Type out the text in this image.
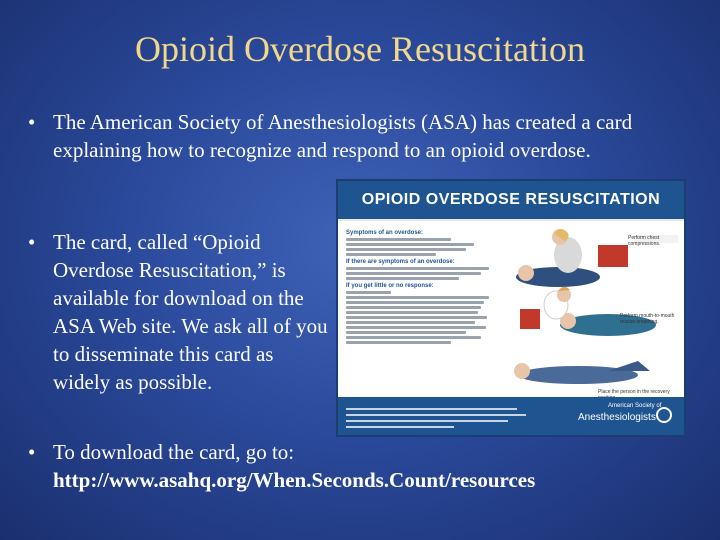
Opioid Overdose Resuscitation
• The American Society of Anesthesiologists (ASA) has created a card explaining how to recognize and respond to an opioid overdose.
• The card, called “Opioid Overdose Resuscitation,” is available for download on the ASA Web site. We ask all of you to disseminate this card as widely as possible.
• To download the card, go to:
http://www.asahq.org/When.Seconds.Count/resources
OPIOID OVERDOSE RESUSCITATION
Symptoms of an overdose:
If there are symptoms of an overdose:
If you get little or no response:
Perform chest compressions.
Perform mouth-to-mouth rescue breathing.
Place the person in the recovery
American Society of
Anesthesiologists
